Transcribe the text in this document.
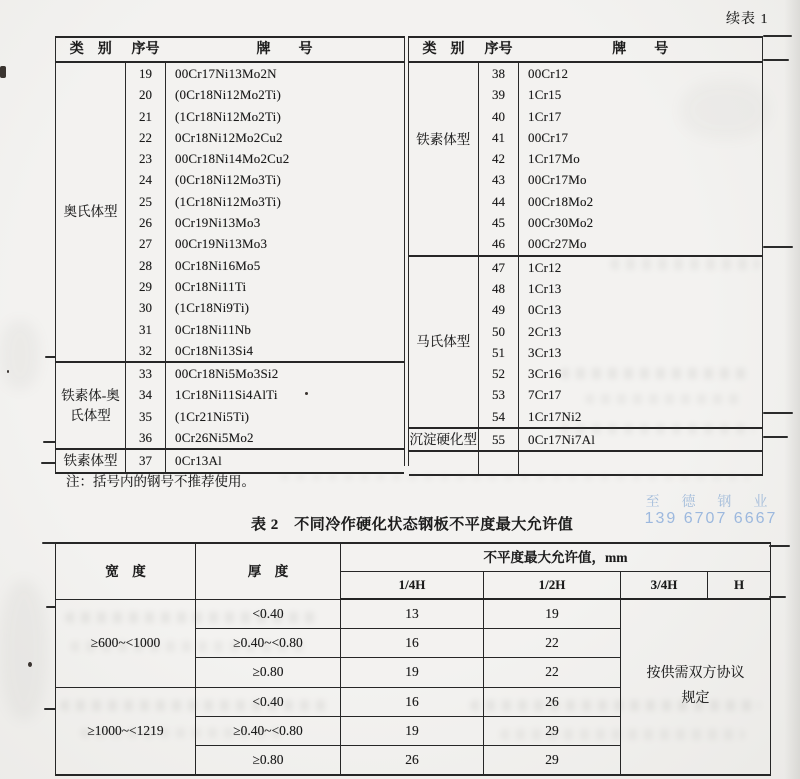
续表 1
类　别	序号	牌　　号
奥氏体型	19	00Cr17Ni13Mo2N
	20	(0Cr18Ni12Mo2Ti)
	21	(1Cr18Ni12Mo2Ti)
	22	0Cr18Ni12Mo2Cu2
	23	00Cr18Ni14Mo2Cu2
	24	(0Cr18Ni12Mo3Ti)
	25	(1Cr18Ni12Mo3Ti)
	26	0Cr19Ni13Mo3
	27	00Cr19Ni13Mo3
	28	0Cr18Ni16Mo5
	29	0Cr18Ni11Ti
	30	(1Cr18Ni9Ti)
	31	0Cr18Ni11Nb
	32	0Cr18Ni13Si4
铁素体-奥氏体型	33	00Cr18Ni5Mo3Si2
	34	1Cr18Ni11Si4AlTi
	35	(1Cr21Ni5Ti)
	36	0Cr26Ni5Mo2
铁素体型	37	0Cr13Al
类　别	序号	牌　　号
铁素体型	38	00Cr12
	39	1Cr15
	40	1Cr17
	41	00Cr17
	42	1Cr17Mo
	43	00Cr17Mo
	44	00Cr18Mo2
	45	00Cr30Mo2
	46	00Cr27Mo
马氏体型	47	1Cr12
	48	1Cr13
	49	0Cr13
	50	2Cr13
	51	3Cr13
	52	3Cr16
	53	7Cr17
	54	1Cr17Ni2
沉淀硬化型	55	0Cr17Ni7Al

注：括号内的钢号不推荐使用。
至 德 钢 业
139 6707 6667
表 2　不同冷作硬化状态钢板不平度最大允许值
宽　度	厚　度	不平度最大允许值，mm			
		1/4H	1/2H	3/4H	H
≥600~<1000	<0.40	13	19	按供需双方协议规定	
	≥0.40~<0.80	16	22		
	≥0.80	19	22		
≥1000~<1219	<0.40	16	26		
	≥0.40~<0.80	19	29		
	≥0.80	26	29		
